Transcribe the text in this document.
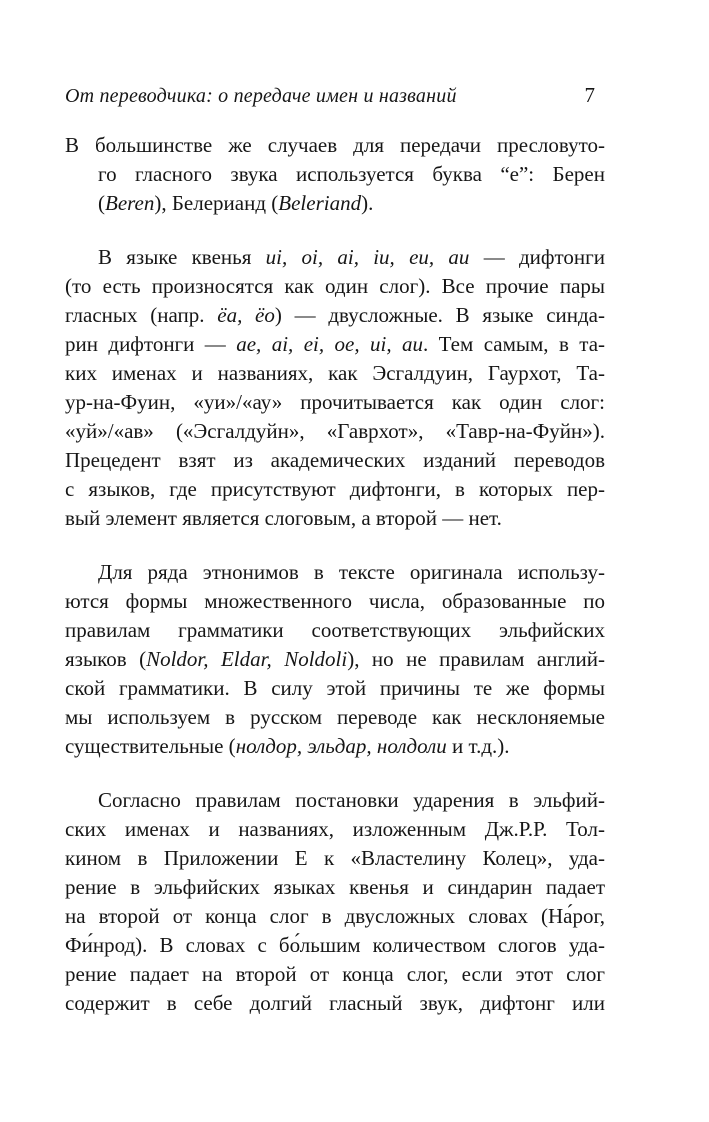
От переводчика: о передаче имен и названий	7
В большинстве же случаев для передачи пресловуто-
го гласного звука используется буква “е”: Берен
(Beren), Белерианд (Beleriand).
В языке квенья ui, oi, ai, iu, eu, au — дифтонги
(то есть произносятся как один слог). Все прочие пары
гласных (напр. ëa, ëo) — двусложные. В языке синда-
рин дифтонги — ae, ai, ei, oe, ui, au. Тем самым, в та-
ких именах и названиях, как Эсгалдуин, Гаурхот, Та-
ур-на-Фуин, «уи»/«ау» прочитывается как один слог:
«уй»/«ав» («Эсгалдуйн», «Гаврхот», «Тавр-на-Фуйн»).
Прецедент взят из академических изданий переводов
с языков, где присутствуют дифтонги, в которых пер-
вый элемент является слоговым, а второй — нет.
Для ряда этнонимов в тексте оригинала использу-
ются формы множественного числа, образованные по
правилам грамматики соответствующих эльфийских
языков (Noldor, Eldar, Noldoli), но не правилам англий-
ской грамматики. В силу этой причины те же формы
мы используем в русском переводе как несклоняемые
существительные (нолдор, эльдар, нолдоли и т.д.).
Согласно правилам постановки ударения в эльфий-
ских именах и названиях, изложенным Дж.Р.Р. Тол-
кином в Приложении Е к «Властелину Колец», уда-
рение в эльфийских языках квенья и синдарин падает
на второй от конца слог в двусложных словах (На́рог,
Фи́нрод). В словах с бо́льшим количеством слогов уда-
рение падает на второй от конца слог, если этот слог
содержит в себе долгий гласный звук, дифтонг или
